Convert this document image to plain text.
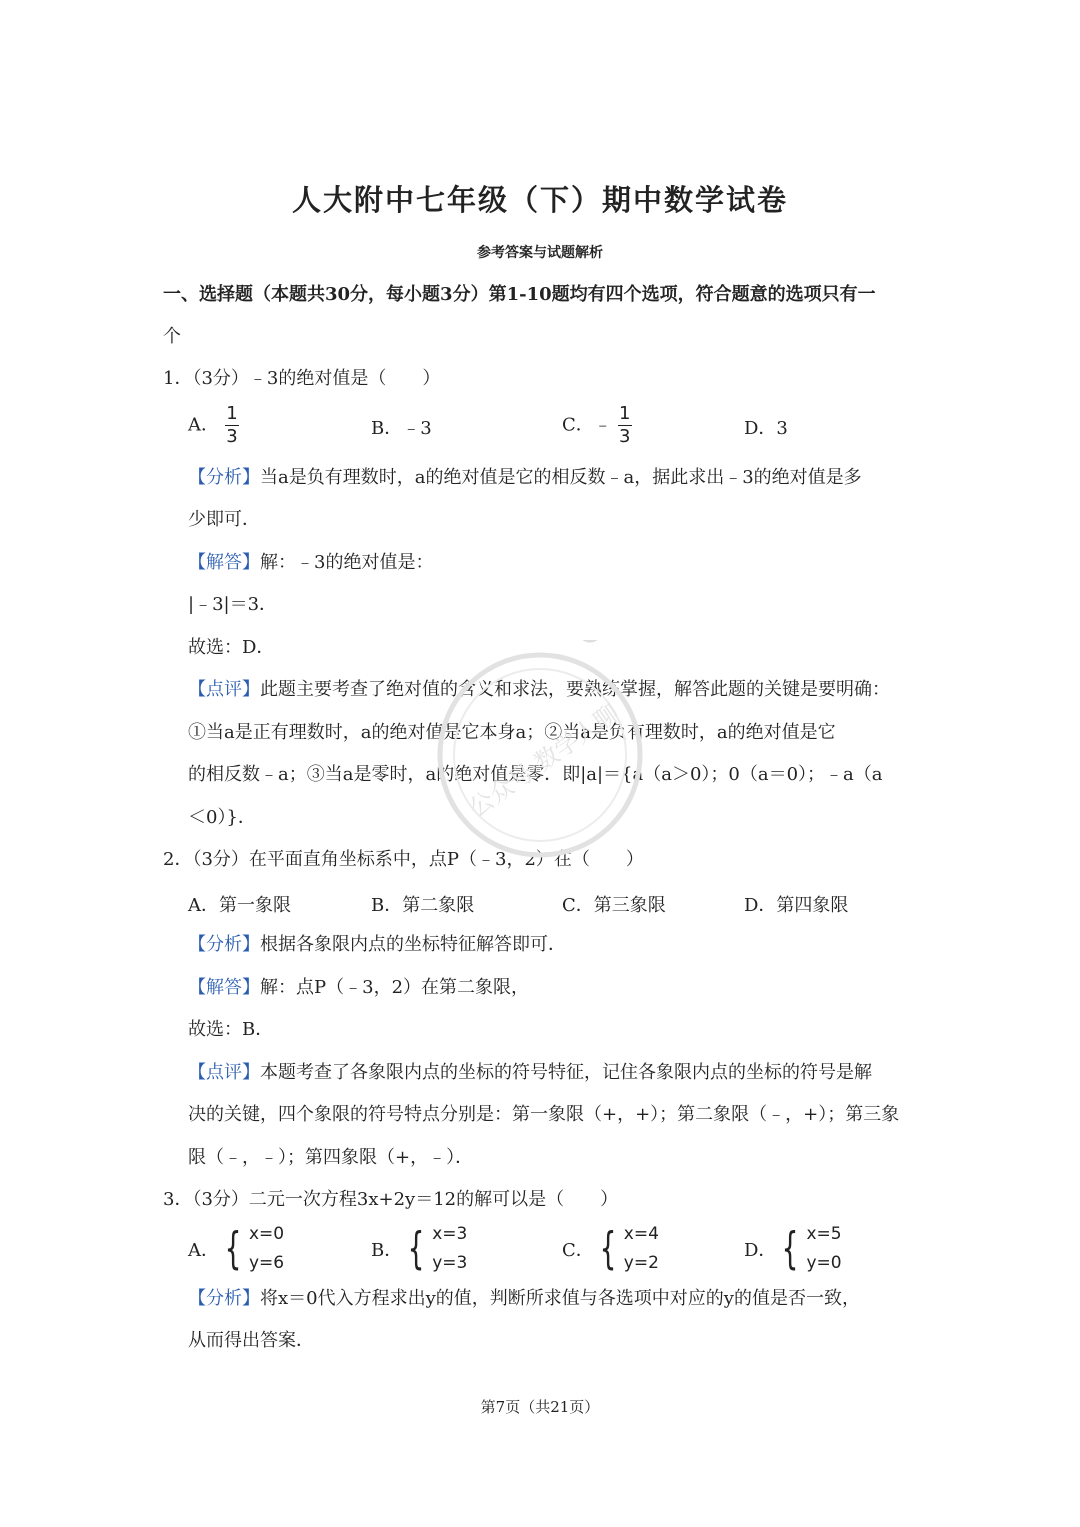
人大附中七年级（下）期中数学试卷
参考答案与试题解析
一、选择题（本题共30分，每小题3分）第1-10题均有四个选项，符合题意的选项只有一
个
1．（3分）﹣3的绝对值是（　　）
A． $\frac{1}{3}$	B．﹣3	C．﹣ $\frac{1}{3}$	D．3
【分析】当a是负有理数时，a的绝对值是它的相反数﹣a，据此求出﹣3的绝对值是多
少即可．
【解答】解：﹣3的绝对值是：
|﹣3|＝3．
故选：D．
【点评】此题主要考查了绝对值的含义和求法，要熟练掌握，解答此题的关键是要明确：
①当a是正有理数时，a的绝对值是它本身a；②当a是负有理数时，a的绝对值是它
的相反数﹣a；③当a是零时，a的绝对值是零．即|a|＝{a（a＞0）；0（a＝0）；﹣a（a
＜0）}．
2．（3分）在平面直角坐标系中，点P（﹣3，2）在（　　）
A．第一象限	B．第二象限	C．第三象限	D．第四象限
【分析】根据各象限内点的坐标特征解答即可．
【解答】解：点P（﹣3，2）在第二象限，
故选：B．
【点评】本题考查了各象限内点的坐标的符号特征，记住各象限内点的坐标的符号是解
决的关键，四个象限的符号特点分别是：第一象限（+，+）；第二象限（﹣，+）；第三象
限（﹣，﹣）；第四象限（+，﹣）．
3．（3分）二元一次方程3x+2y＝12的解可以是（　　）
A． { x=0
y=6
B． { x=3
y=3
C． { x=4
y=2
D． { x=5
y=0
【分析】将x＝0代入方程求出y的值，判断所求值与各选项中对应的y的值是否一致，
从而得出答案．
第7页（共21页）
公众号·数学人聊
